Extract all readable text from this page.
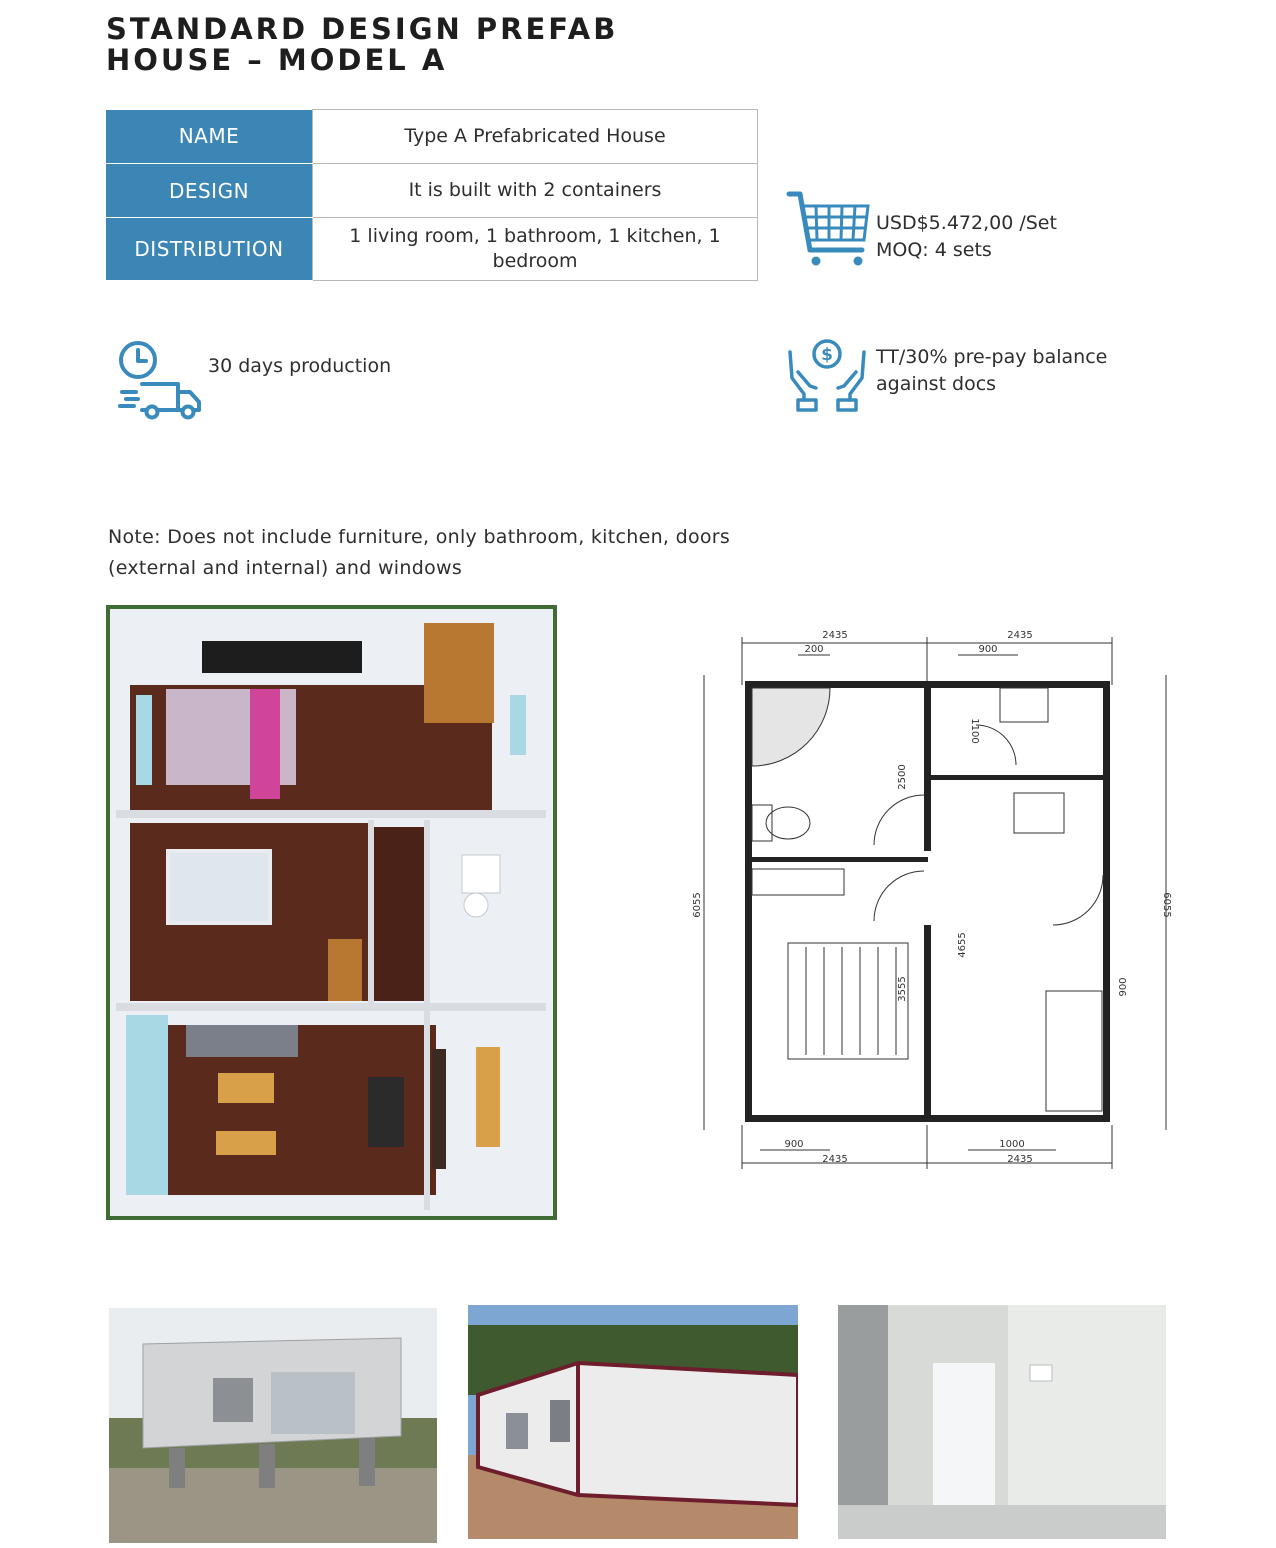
STANDARD DESIGN PREFAB
HOUSE – MODEL A
NAME	Type A Prefabricated House
DESIGN	It is built with 2 containers
DISTRIBUTION	1 living room, 1 bathroom, 1 kitchen, 1 bedroom
USD$5.472,00 /Set
MOQ: 4 sets
30 days production	$ TT/30% pre-pay balance
against docs
Note: Does not include furniture, only bathroom, kitchen, doors (external and internal) and windows
2435	2435
200	900
900	1000
2435	2435
6055	6055
1100
2500
4655
3555	900
